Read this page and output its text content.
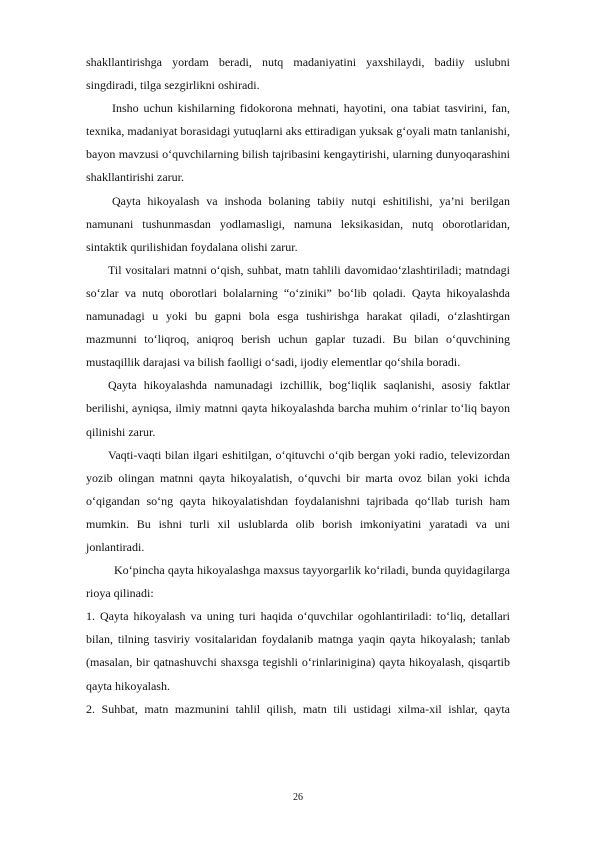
shakllantirishga yordam beradi, nutq madaniyatini yaxshilaydi, badiiy uslubni singdiradi, tilga sezgirlikni oshiradi.

Insho uchun kishilarning fidokorona mehnati, hayotini, ona tabiat tasvirini, fan, texnika, madaniyat borasidagi yutuqlarni aks ettiradigan yuksak g‘oyali matn tanlanishi, bayon mavzusi o‘quvchilarning bilish tajribasini kengaytirishi, ularning dunyoqarashini shakllantirishi zarur.

Qayta hikoyalash va inshoda bolaning tabiiy nutqi eshitilishi, ya’ni berilgan namunani tushunmasdan yodlamasligi, namuna leksikasidan, nutq oborotlaridan, sintaktik qurilishidan foydalana olishi zarur.

Til vositalari matnni o‘qish, suhbat, matn tahlili davomidao‘zlashtiriladi; matndagi so‘zlar va nutq oborotlari bolalarning “o‘ziniki” bo‘lib qoladi. Qayta hikoyalashda namunadagi u yoki bu gapni bola esga tushirishga harakat qiladi, o‘zlashtirgan mazmunni to‘liqroq, aniqroq berish uchun gaplar tuzadi. Bu bilan o‘quvchining mustaqillik darajasi va bilish faolligi o‘sadi, ijodiy elementlar qo‘shila boradi.

Qayta hikoyalashda namunadagi izchillik, bog‘liqlik saqlanishi, asosiy faktlar berilishi, ayniqsa, ilmiy matnni qayta hikoyalashda barcha muhim o‘rinlar to‘liq bayon qilinishi zarur.

Vaqti-vaqti bilan ilgari eshitilgan, o‘qituvchi o‘qib bergan yoki radio, televizordan yozib olingan matnni qayta hikoyalatish, o‘quvchi bir marta ovoz bilan yoki ichda o‘qigandan so‘ng qayta hikoyalatishdan foydalanishni tajribada qo‘llab turish ham mumkin. Bu ishni turli xil uslublarda olib borish imkoniyatini yaratadi va uni jonlantiradi.

Ko‘pincha qayta hikoyalashga maxsus tayyorgarlik ko‘riladi, bunda quyidagilarga rioya qilinadi:

1. Qayta hikoyalash va uning turi haqida o‘quvchilar ogohlantiriladi: to‘liq, detallari bilan, tilning tasviriy vositalaridan foydalanib matnga yaqin qayta hikoyalash; tanlab (masalan, bir qatnashuvchi shaxsga tegishli o‘rinlarinigina) qayta hikoyalash, qisqartib qayta hikoyalash.

2. Suhbat, matn mazmunini tahlil qilish, matn tili ustidagi xilma-xil ishlar, qayta

26
